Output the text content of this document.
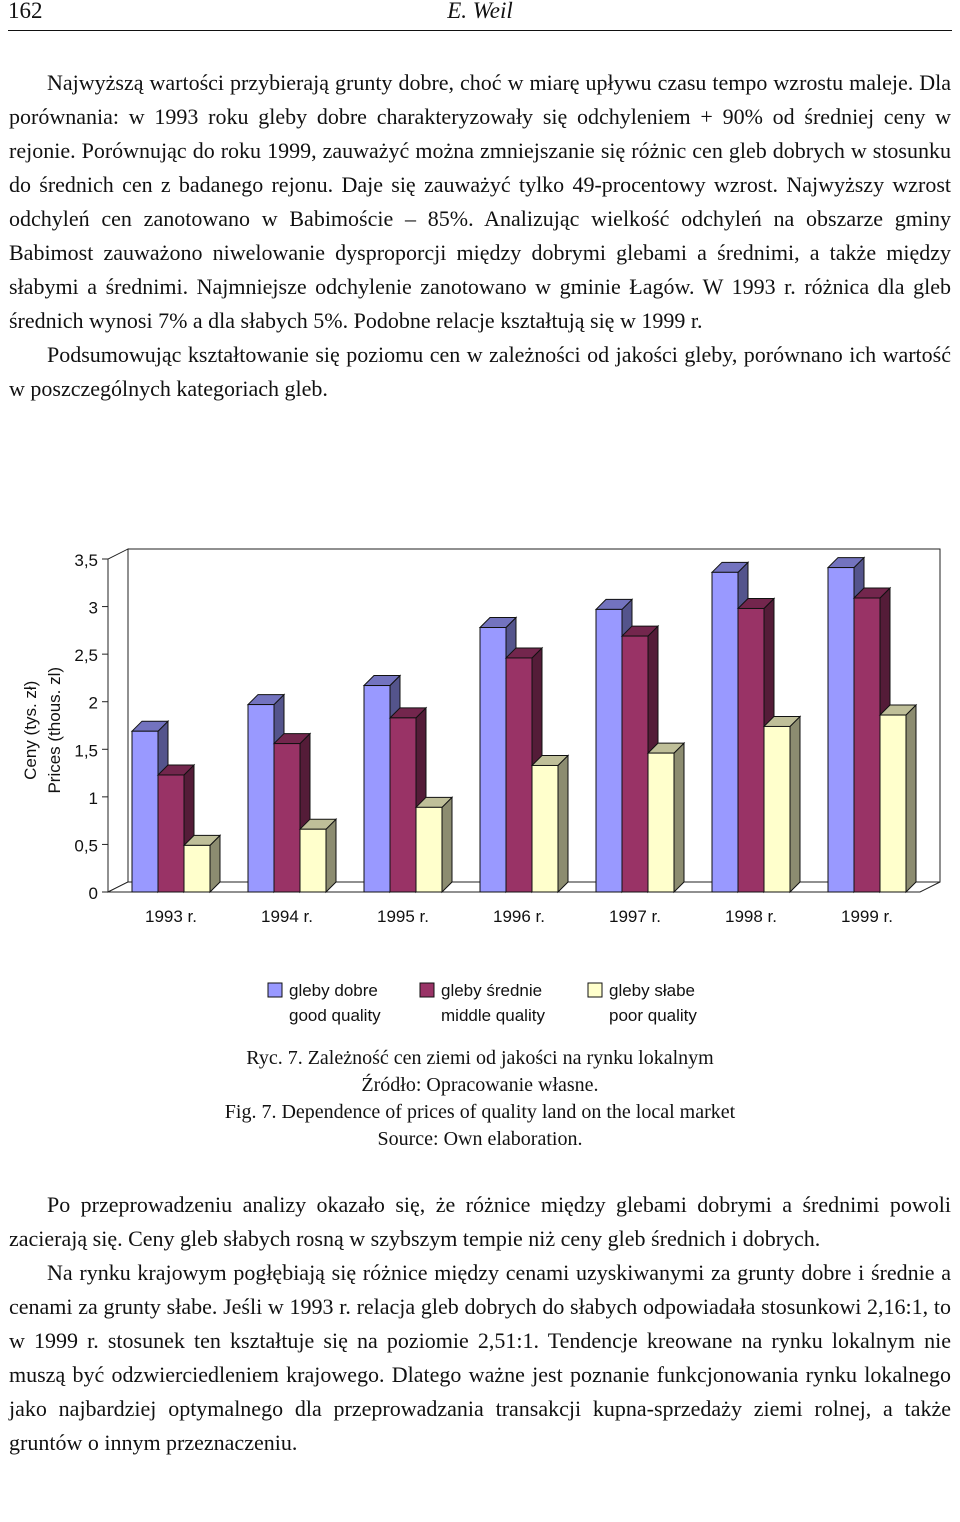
162	E. Weil

Najwyższą wartości przybierają grunty dobre, choć w miarę upływu czasu tempo wzrostu maleje. Dla porównania: w 1993 roku gleby dobre charakteryzowały się odchyleniem + 90% od średniej ceny w rejonie. Porównując do roku 1999, zauważyć można zmniejszanie się różnic cen gleb dobrych w stosunku do średnich cen z badanego rejonu. Daje się zauważyć tylko 49-procentowy wzrost. Najwyższy wzrost odchyleń cen zanotowano w Babimoście – 85%. Analizując wielkość odchyleń na obszarze gminy Babimost zauważono niwelowanie dysproporcji między dobrymi glebami a średnimi, a także między słabymi a średnimi. Najmniejsze odchylenie zanotowano w gminie Łagów. W 1993 r. różnica dla gleb średnich wynosi 7% a dla słabych 5%. Podobne relacje kształtują się w 1999 r.

Podsumowując kształtowanie się poziomu cen w zależności od jakości gleby, porównano ich wartość w poszczególnych kategoriach gleb.

0
0,5
1
1,5
2
2,5
3
3,5
Ceny (tys. zł) Prices (thous. zl)
1993 r.	1994 r.	1995 r.	1996 r.	1997 r.	1998 r.	1999 r.
gleby dobre
good quality
gleby średnie
middle quality
gleby słabe
poor quality
Ryc. 7. Zależność cen ziemi od jakości na rynku lokalnym
Źródło: Opracowanie własne.
Fig. 7. Dependence of prices of quality land on the local market
Source: Own elaboration.

Po przeprowadzeniu analizy okazało się, że różnice między glebami dobrymi a średnimi powoli zacierają się. Ceny gleb słabych rosną w szybszym tempie niż ceny gleb średnich i dobrych.

Na rynku krajowym pogłębiają się różnice między cenami uzyskiwanymi za grunty dobre i średnie a cenami za grunty słabe. Jeśli w 1993 r. relacja gleb dobrych do słabych odpowiadała stosunkowi 2,16:1, to w 1999 r. stosunek ten kształtuje się na poziomie 2,51:1. Tendencje kreowane na rynku lokalnym nie muszą być odzwierciedleniem krajowego. Dlatego ważne jest poznanie funkcjonowania rynku lokalnego jako najbardziej optymalnego dla przeprowadzania transakcji kupna-sprzedaży ziemi rolnej, a także gruntów o innym przeznaczeniu.
